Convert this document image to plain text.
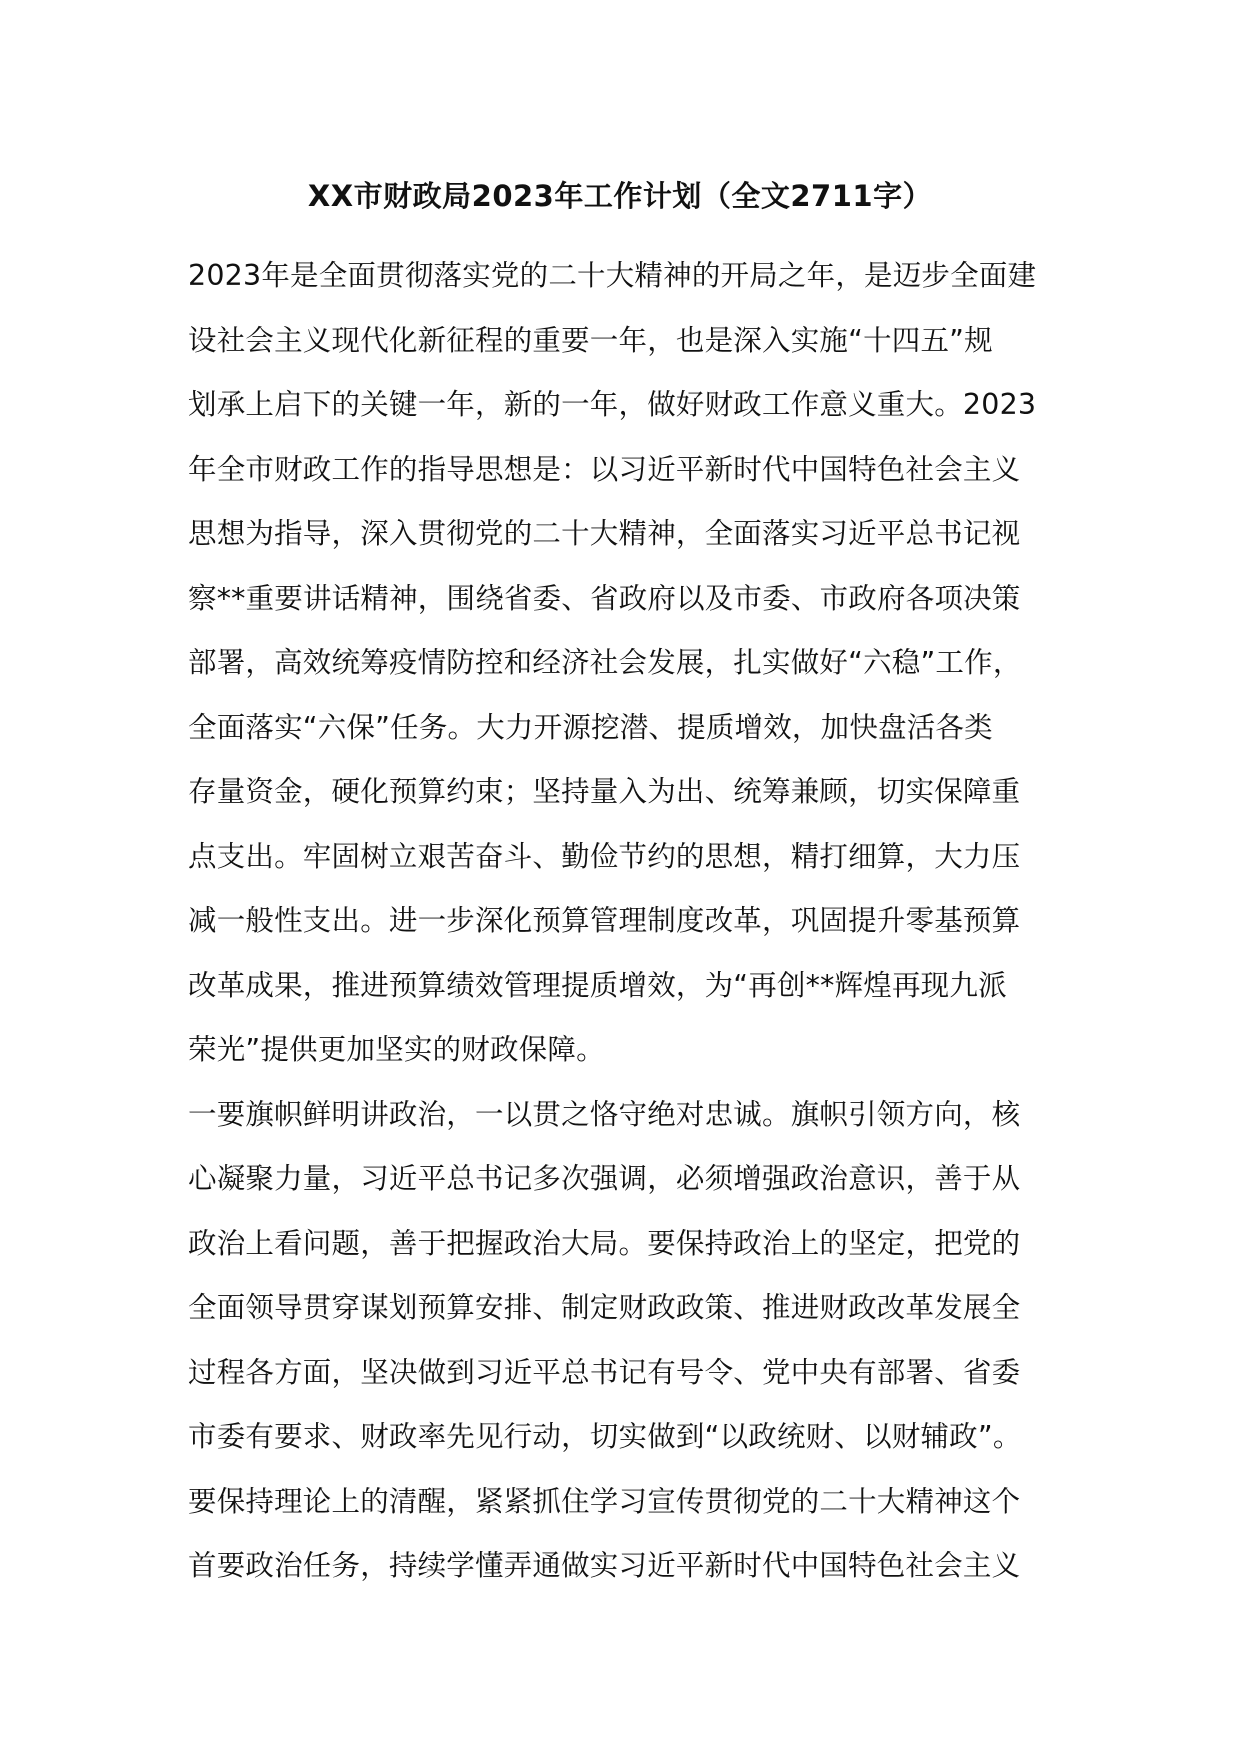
XX市财政局2023年工作计划（全文2711字）
2023年是全面贯彻落实党的二十大精神的开局之年，是迈步全面建
设社会主义现代化新征程的重要一年，也是深入实施“十四五”规
划承上启下的关键一年，新的一年，做好财政工作意义重大。2023
年全市财政工作的指导思想是：以习近平新时代中国特色社会主义
思想为指导，深入贯彻党的二十大精神，全面落实习近平总书记视
察**重要讲话精神，围绕省委、省政府以及市委、市政府各项决策
部署，高效统筹疫情防控和经济社会发展，扎实做好“六稳”工作，
全面落实“六保”任务。大力开源挖潜、提质增效，加快盘活各类
存量资金，硬化预算约束；坚持量入为出、统筹兼顾，切实保障重
点支出。牢固树立艰苦奋斗、勤俭节约的思想，精打细算，大力压
减一般性支出。进一步深化预算管理制度改革，巩固提升零基预算
改革成果，推进预算绩效管理提质增效，为“再创**辉煌再现九派
荣光”提供更加坚实的财政保障。
一要旗帜鲜明讲政治，一以贯之恪守绝对忠诚。旗帜引领方向，核
心凝聚力量，习近平总书记多次强调，必须增强政治意识，善于从
政治上看问题，善于把握政治大局。要保持政治上的坚定，把党的
全面领导贯穿谋划预算安排、制定财政政策、推进财政改革发展全
过程各方面，坚决做到习近平总书记有号令、党中央有部署、省委
市委有要求、财政率先见行动，切实做到“以政统财、以财辅政”。
要保持理论上的清醒，紧紧抓住学习宣传贯彻党的二十大精神这个
首要政治任务，持续学懂弄通做实习近平新时代中国特色社会主义
